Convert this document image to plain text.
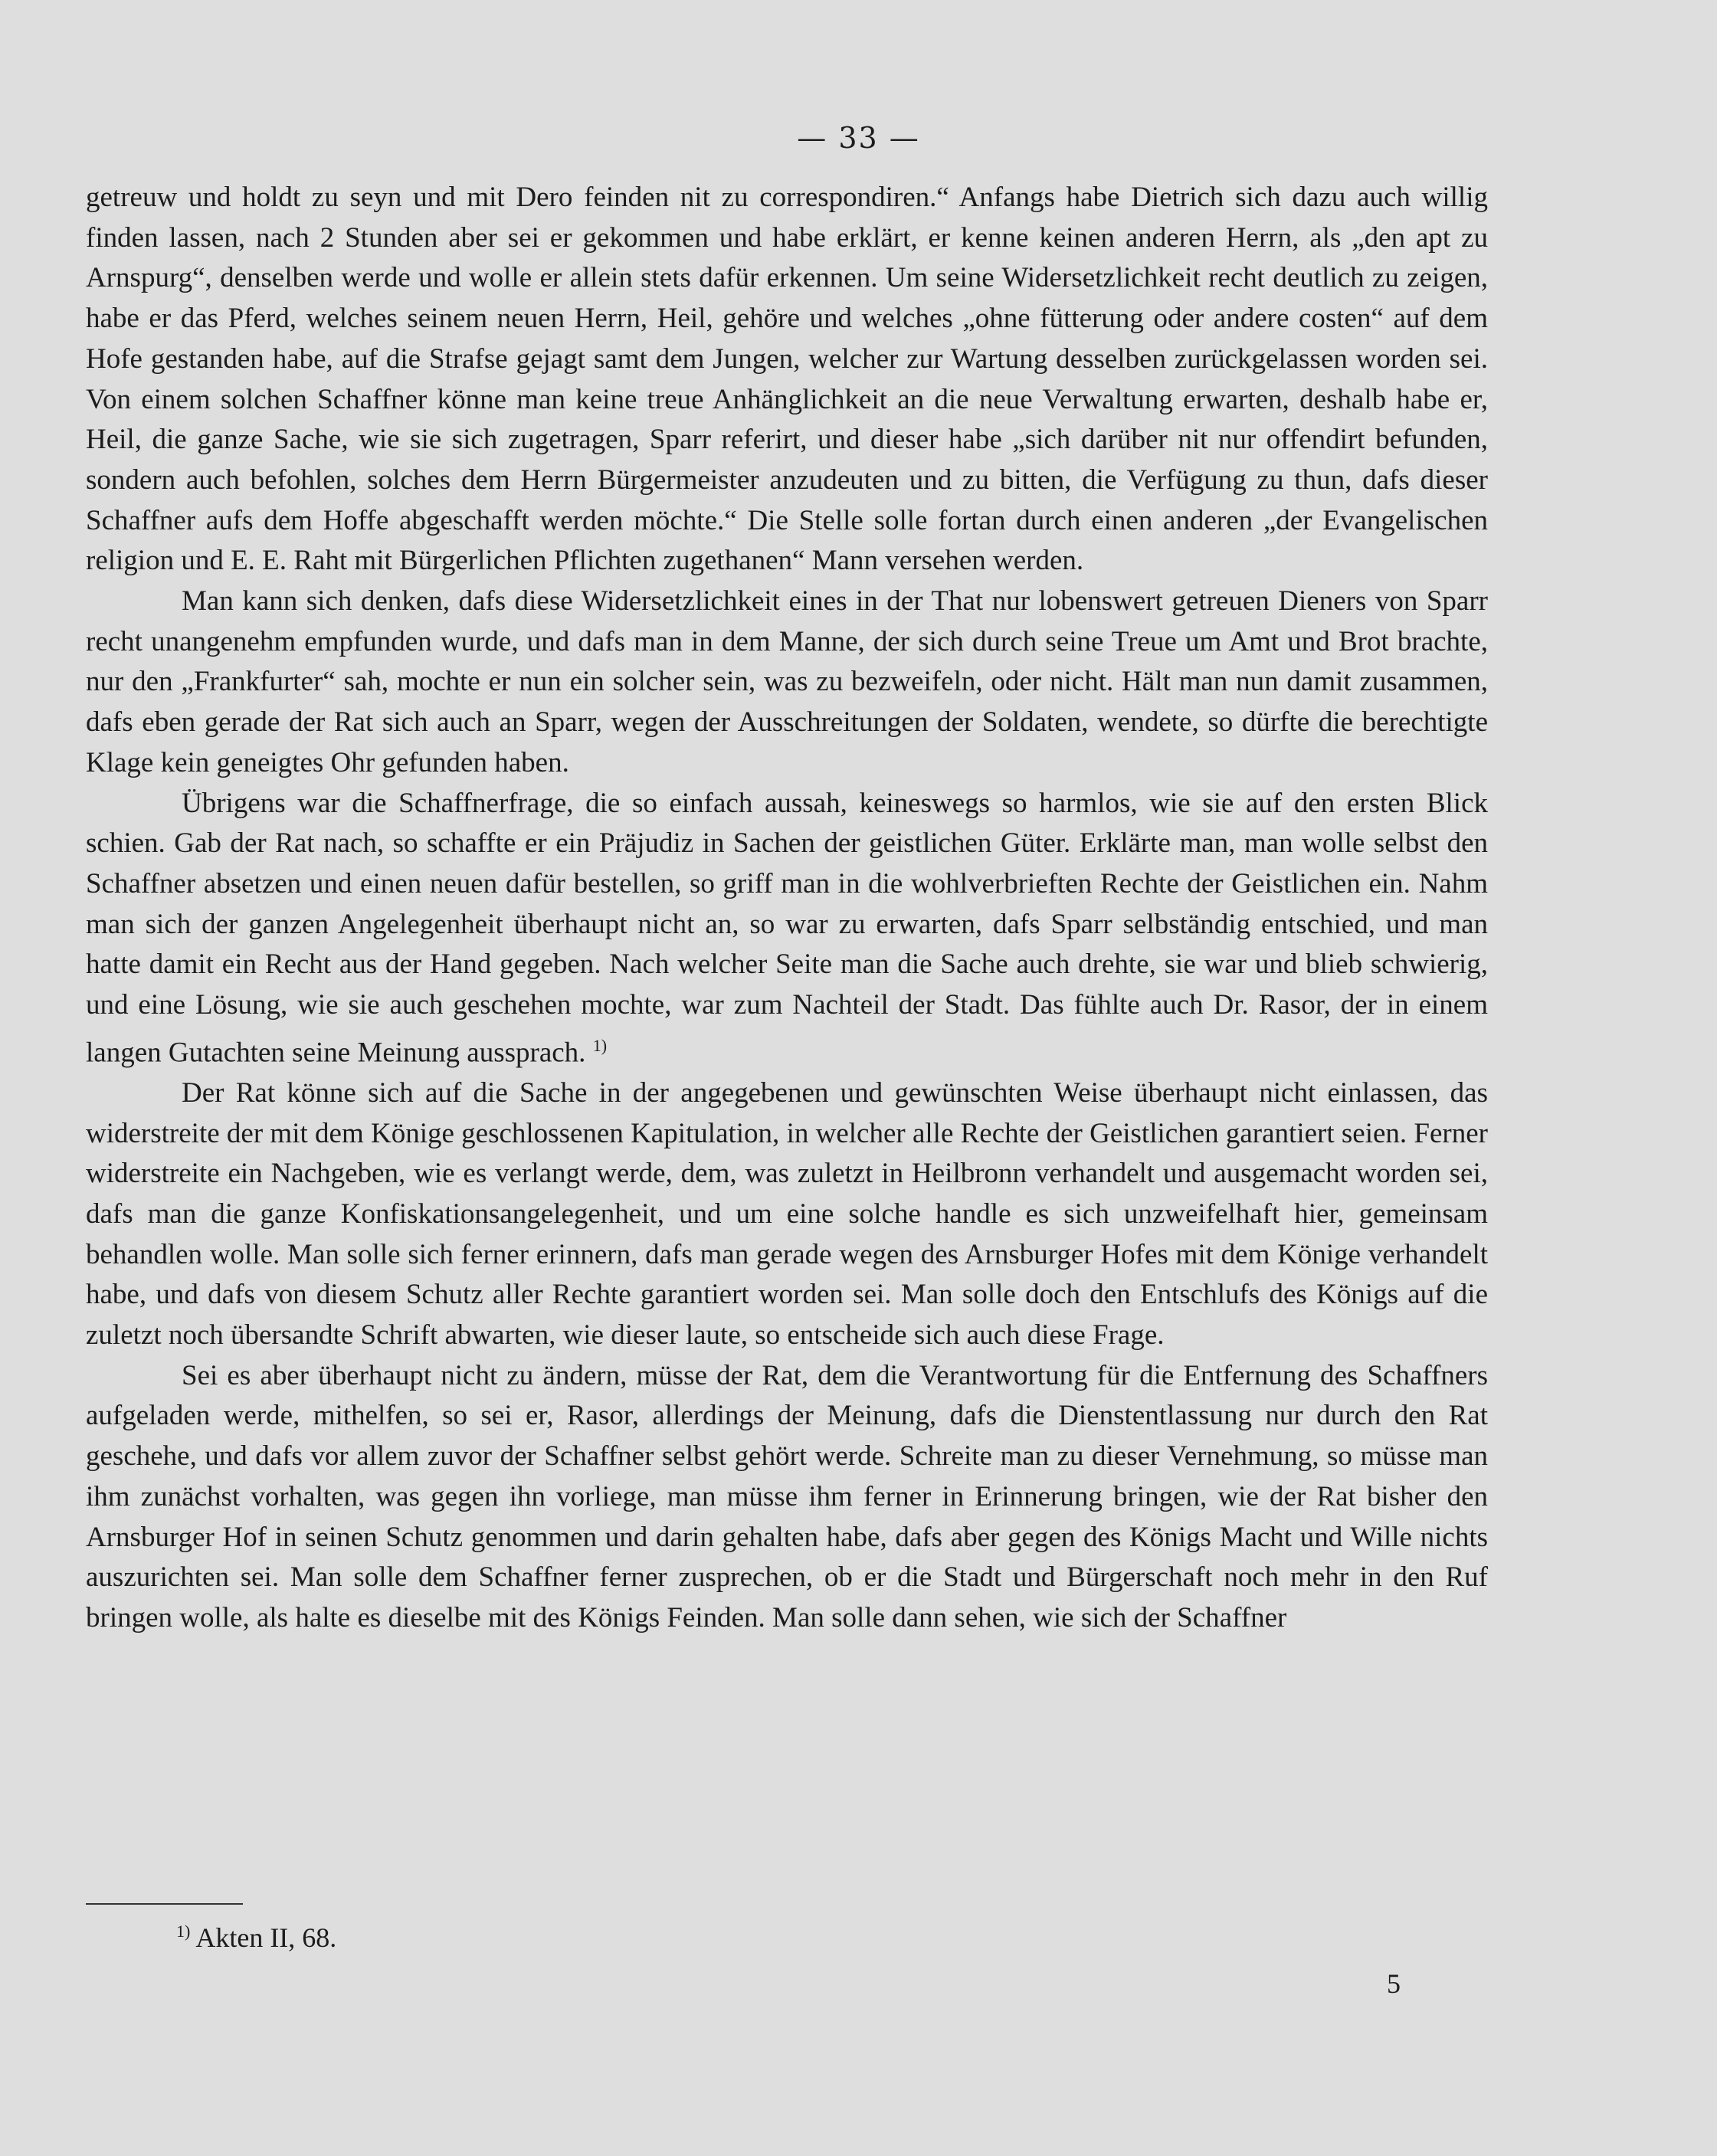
— 33 —

getreuw und holdt zu seyn und mit Dero feinden nit zu correspondiren.“ Anfangs habe Dietrich sich dazu auch willig finden lassen, nach 2 Stunden aber sei er gekommen und habe erklärt, er kenne keinen anderen Herrn, als „den apt zu Arnspurg“, denselben werde und wolle er allein stets dafür erkennen. Um seine Widersetzlichkeit recht deutlich zu zeigen, habe er das Pferd, welches seinem neuen Herrn, Heil, gehöre und welches „ohne fütterung oder andere costen“ auf dem Hofe gestanden habe, auf die Strafse gejagt samt dem Jungen, welcher zur Wartung desselben zurückgelassen worden sei. Von einem solchen Schaffner könne man keine treue Anhänglichkeit an die neue Verwaltung erwarten, deshalb habe er, Heil, die ganze Sache, wie sie sich zugetragen, Sparr referirt, und dieser habe „sich darüber nit nur offendirt befunden, sondern auch befohlen, solches dem Herrn Bürgermeister anzudeuten und zu bitten, die Verfügung zu thun, dafs dieser Schaffner aufs dem Hoffe abgeschafft werden möchte.“ Die Stelle solle fortan durch einen anderen „der Evangelischen religion und E. E. Raht mit Bürgerlichen Pflichten zugethanen“ Mann versehen werden.

Man kann sich denken, dafs diese Widersetzlichkeit eines in der That nur lobenswert getreuen Dieners von Sparr recht unangenehm empfunden wurde, und dafs man in dem Manne, der sich durch seine Treue um Amt und Brot brachte, nur den „Frankfurter“ sah, mochte er nun ein solcher sein, was zu bezweifeln, oder nicht. Hält man nun damit zusammen, dafs eben gerade der Rat sich auch an Sparr, wegen der Ausschreitungen der Soldaten, wendete, so dürfte die berechtigte Klage kein geneigtes Ohr gefunden haben.

Übrigens war die Schaffnerfrage, die so einfach aussah, keineswegs so harmlos, wie sie auf den ersten Blick schien. Gab der Rat nach, so schaffte er ein Präjudiz in Sachen der geistlichen Güter. Erklärte man, man wolle selbst den Schaffner absetzen und einen neuen dafür bestellen, so griff man in die wohlverbrieften Rechte der Geistlichen ein. Nahm man sich der ganzen Angelegenheit überhaupt nicht an, so war zu erwarten, dafs Sparr selbständig entschied, und man hatte damit ein Recht aus der Hand gegeben. Nach welcher Seite man die Sache auch drehte, sie war und blieb schwierig, und eine Lösung, wie sie auch geschehen mochte, war zum Nachteil der Stadt. Das fühlte auch Dr. Rasor, der in einem langen Gutachten seine Meinung aussprach. $^{1)}$

Der Rat könne sich auf die Sache in der angegebenen und gewünschten Weise überhaupt nicht einlassen, das widerstreite der mit dem Könige geschlossenen Kapitulation, in welcher alle Rechte der Geistlichen garantiert seien. Ferner widerstreite ein Nachgeben, wie es verlangt werde, dem, was zuletzt in Heilbronn verhandelt und ausgemacht worden sei, dafs man die ganze Konfiskationsangelegenheit, und um eine solche handle es sich unzweifelhaft hier, gemeinsam behandlen wolle. Man solle sich ferner erinnern, dafs man gerade wegen des Arnsburger Hofes mit dem Könige verhandelt habe, und dafs von diesem Schutz aller Rechte garantiert worden sei. Man solle doch den Entschlufs des Königs auf die zuletzt noch übersandte Schrift abwarten, wie dieser laute, so entscheide sich auch diese Frage.

Sei es aber überhaupt nicht zu ändern, müsse der Rat, dem die Verantwortung für die Entfernung des Schaffners aufgeladen werde, mithelfen, so sei er, Rasor, allerdings der Meinung, dafs die Dienstentlassung nur durch den Rat geschehe, und dafs vor allem zuvor der Schaffner selbst gehört werde. Schreite man zu dieser Vernehmung, so müsse man ihm zunächst vorhalten, was gegen ihn vorliege, man müsse ihm ferner in Erinnerung bringen, wie der Rat bisher den Arnsburger Hof in seinen Schutz genommen und darin gehalten habe, dafs aber gegen des Königs Macht und Wille nichts auszurichten sei. Man solle dem Schaffner ferner zusprechen, ob er die Stadt und Bürgerschaft noch mehr in den Ruf bringen wolle, als halte es dieselbe mit des Königs Feinden. Man solle dann sehen, wie sich der Schaffner

$^{1)}$ Akten II, 68.
5
